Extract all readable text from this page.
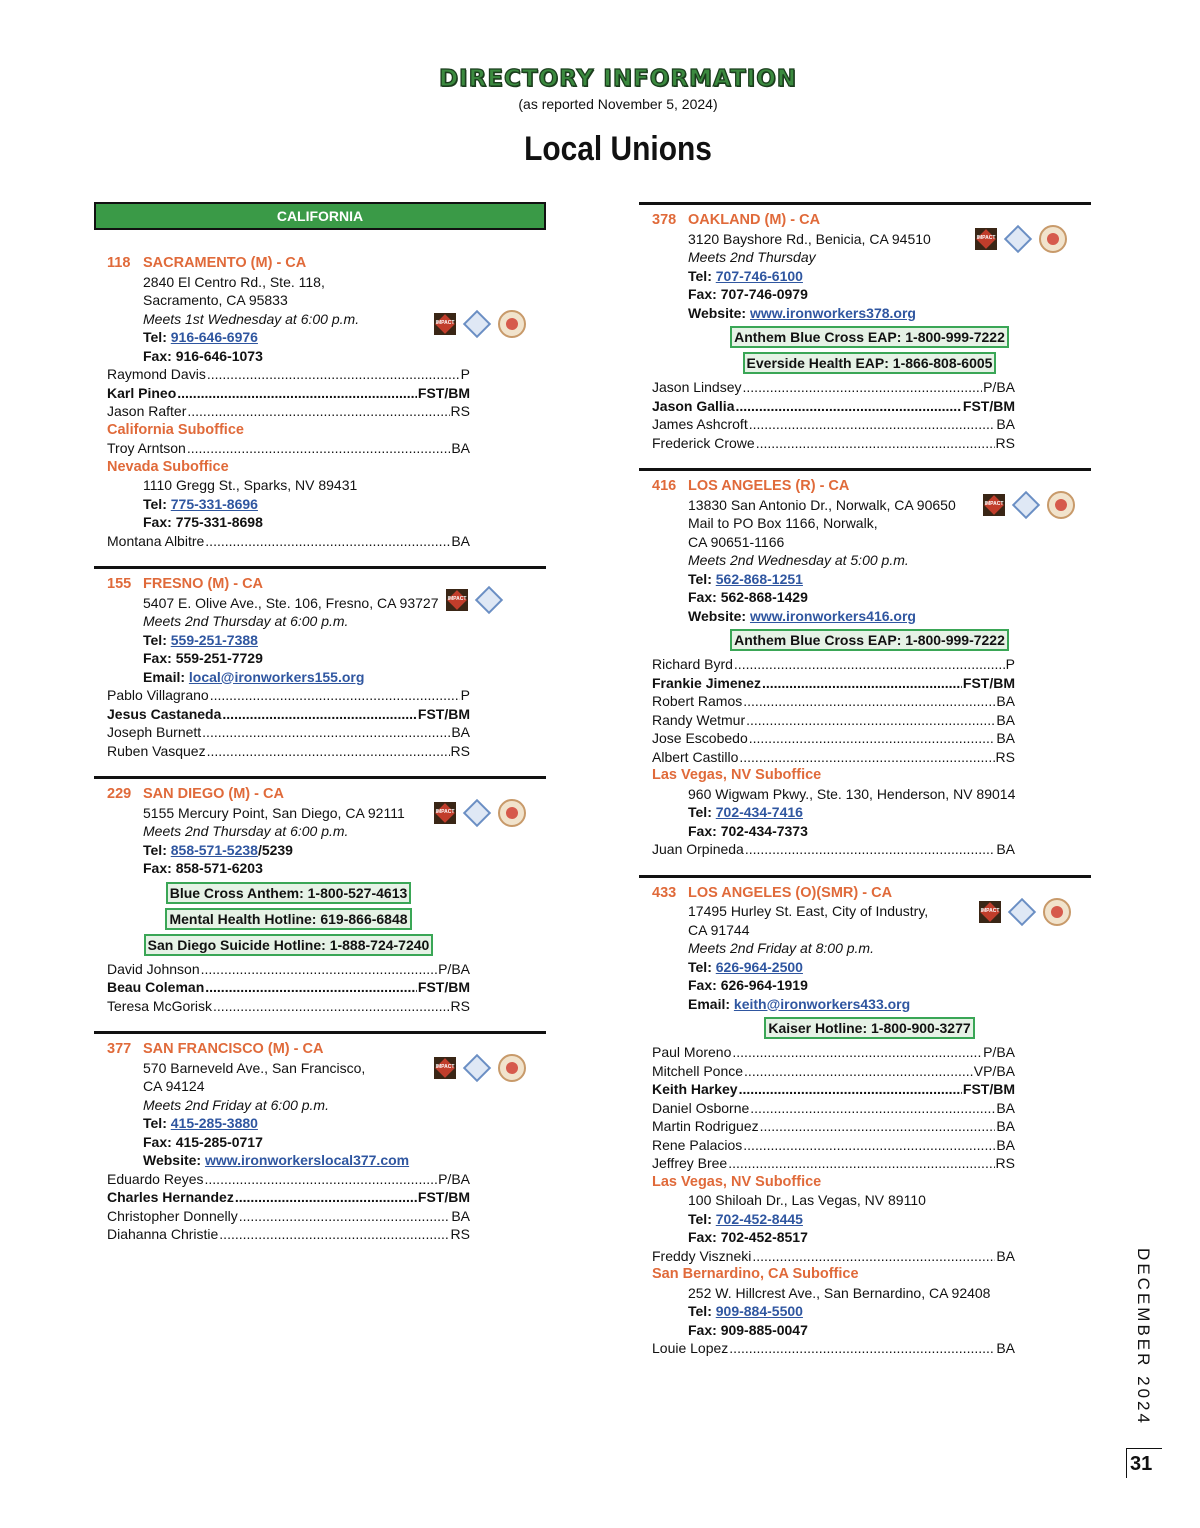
DIRECTORY INFORMATION
(as reported November 5, 2024)
Local Unions
CALIFORNIA
IMPACT
118 SACRAMENTO (M) - CA
2840 El Centro Rd., Ste. 118,
Sacramento, CA 95833
Meets 1st Wednesday at 6:00 p.m.
Tel: 916-646-6976
Fax: 916-646-1073
Raymond Davis .....	P
Karl Pineo .....	FST/BM
Jason Rafter .....	RS
California Suboffice
Troy Arntson .....	BA
Nevada Suboffice
1110 Gregg St., Sparks, NV 89431
Tel: 775-331-8696
Fax: 775-331-8698
Montana Albitre .....	BA
IMPACT
155 FRESNO (M) - CA
5407 E. Olive Ave., Ste. 106, Fresno, CA 93727
Meets 2nd Thursday at 6:00 p.m.
Tel: 559-251-7388
Fax: 559-251-7729
Email: local@ironworkers155.org
Pablo Villagrano .....	P
Jesus Castaneda .....	FST/BM
Joseph Burnett .....	BA
Ruben Vasquez .....	RS
IMPACT
229 SAN DIEGO (M) - CA
5155 Mercury Point, San Diego, CA 92111
Meets 2nd Thursday at 6:00 p.m.
Tel: 858-571-5238/5239
Fax: 858-571-6203
Blue Cross Anthem: 1-800-527-4613
Mental Health Hotline: 619-866-6848
San Diego Suicide Hotline: 1-888-724-7240
David Johnson .....	P/BA
Beau Coleman .....	FST/BM
Teresa McGorisk .....	RS
IMPACT
377 SAN FRANCISCO (M) - CA
570 Barneveld Ave., San Francisco,
CA 94124
Meets 2nd Friday at 6:00 p.m.
Tel: 415-285-3880
Fax: 415-285-0717
Website: www.ironworkerslocal377.com
Eduardo Reyes .....	P/BA
Charles Hernandez .....	FST/BM
Christopher Donnelly .....	BA
Diahanna Christie .....	RS
IMPACT
378 OAKLAND (M) - CA
3120 Bayshore Rd., Benicia, CA 94510
Meets 2nd Thursday
Tel: 707-746-6100
Fax: 707-746-0979
Website: www.ironworkers378.org
Anthem Blue Cross EAP: 1-800-999-7222
Everside Health EAP: 1-866-808-6005
Jason Lindsey .....	P/BA
Jason Gallia .....	FST/BM
James Ashcroft .....	BA
Frederick Crowe .....	RS
IMPACT
416 LOS ANGELES (R) - CA
13830 San Antonio Dr., Norwalk, CA 90650
Mail to PO Box 1166, Norwalk,
CA 90651-1166
Meets 2nd Wednesday at 5:00 p.m.
Tel: 562-868-1251
Fax: 562-868-1429
Website: www.ironworkers416.org
Anthem Blue Cross EAP: 1-800-999-7222
Richard Byrd .....	P
Frankie Jimenez .....	FST/BM
Robert Ramos .....	BA
Randy Wetmur .....	BA
Jose Escobedo .....	BA
Albert Castillo .....	RS
Las Vegas, NV Suboffice
960 Wigwam Pkwy., Ste. 130, Henderson, NV 89014
Tel: 702-434-7416
Fax: 702-434-7373
Juan Orpineda .....	BA
IMPACT
433 LOS ANGELES (O)(SMR) - CA
17495 Hurley St. East, City of Industry,
CA 91744
Meets 2nd Friday at 8:00 p.m.
Tel: 626-964-2500
Fax: 626-964-1919
Email: keith@ironworkers433.org
Kaiser Hotline: 1-800-900-3277
Paul Moreno .....	P/BA
Mitchell Ponce .....	VP/BA
Keith Harkey .....	FST/BM
Daniel Osborne .....	BA
Martin Rodriguez .....	BA
Rene Palacios .....	BA
Jeffrey Bree .....	RS
Las Vegas, NV Suboffice
100 Shiloah Dr., Las Vegas, NV 89110
Tel: 702-452-8445
Fax: 702-452-8517
Freddy Viszneki .....	BA
San Bernardino, CA Suboffice
252 W. Hillcrest Ave., San Bernardino, CA 92408
Tel: 909-884-5500
Fax: 909-885-0047
Louie Lopez .....	BA	DECEMBER 2024
31
